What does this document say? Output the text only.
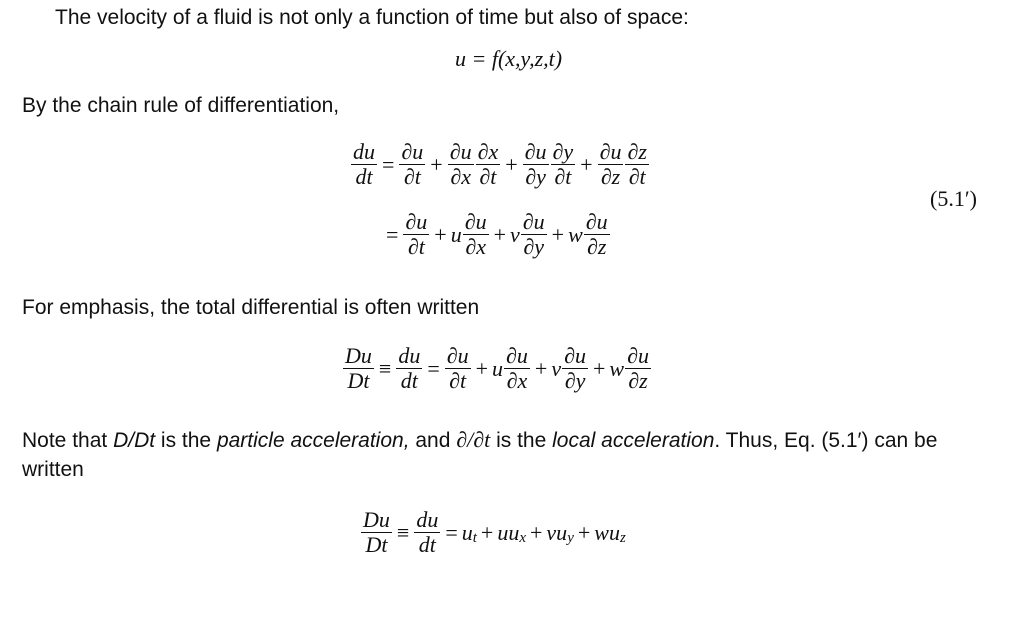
The velocity of a fluid is not only a function of time but also of space:
u = f(x,y,z,t)
By the chain rule of differentiation,
$\frac{du}{dt} = \frac{\partial u}{\partial t} + \frac{\partial u}{\partial x} \frac{\partial x}{\partial t} + \frac{\partial u}{\partial y} \frac{\partial y}{\partial t} + \frac{\partial u}{\partial z} \frac{\partial z}{\partial t}$
(5.1′)
= $\frac{\partial u}{\partial t} + u \frac{\partial u}{\partial x} + v \frac{\partial u}{\partial y} + w \frac{\partial u}{\partial z}$
For emphasis, the total differential is often written
$\frac{Du}{Dt} \equiv \frac{du}{dt} = \frac{\partial u}{\partial t} + u \frac{\partial u}{\partial x} + v \frac{\partial u}{\partial y} + w \frac{\partial u}{\partial z}$
Note that D/Dt is the particle acceleration, and ∂/∂t is the local acceleration. Thus, Eq. (5.1′) can be
written
$\frac{Du}{Dt} \equiv \frac{du}{dt} = u$ t + uu x + vu y + wu z
